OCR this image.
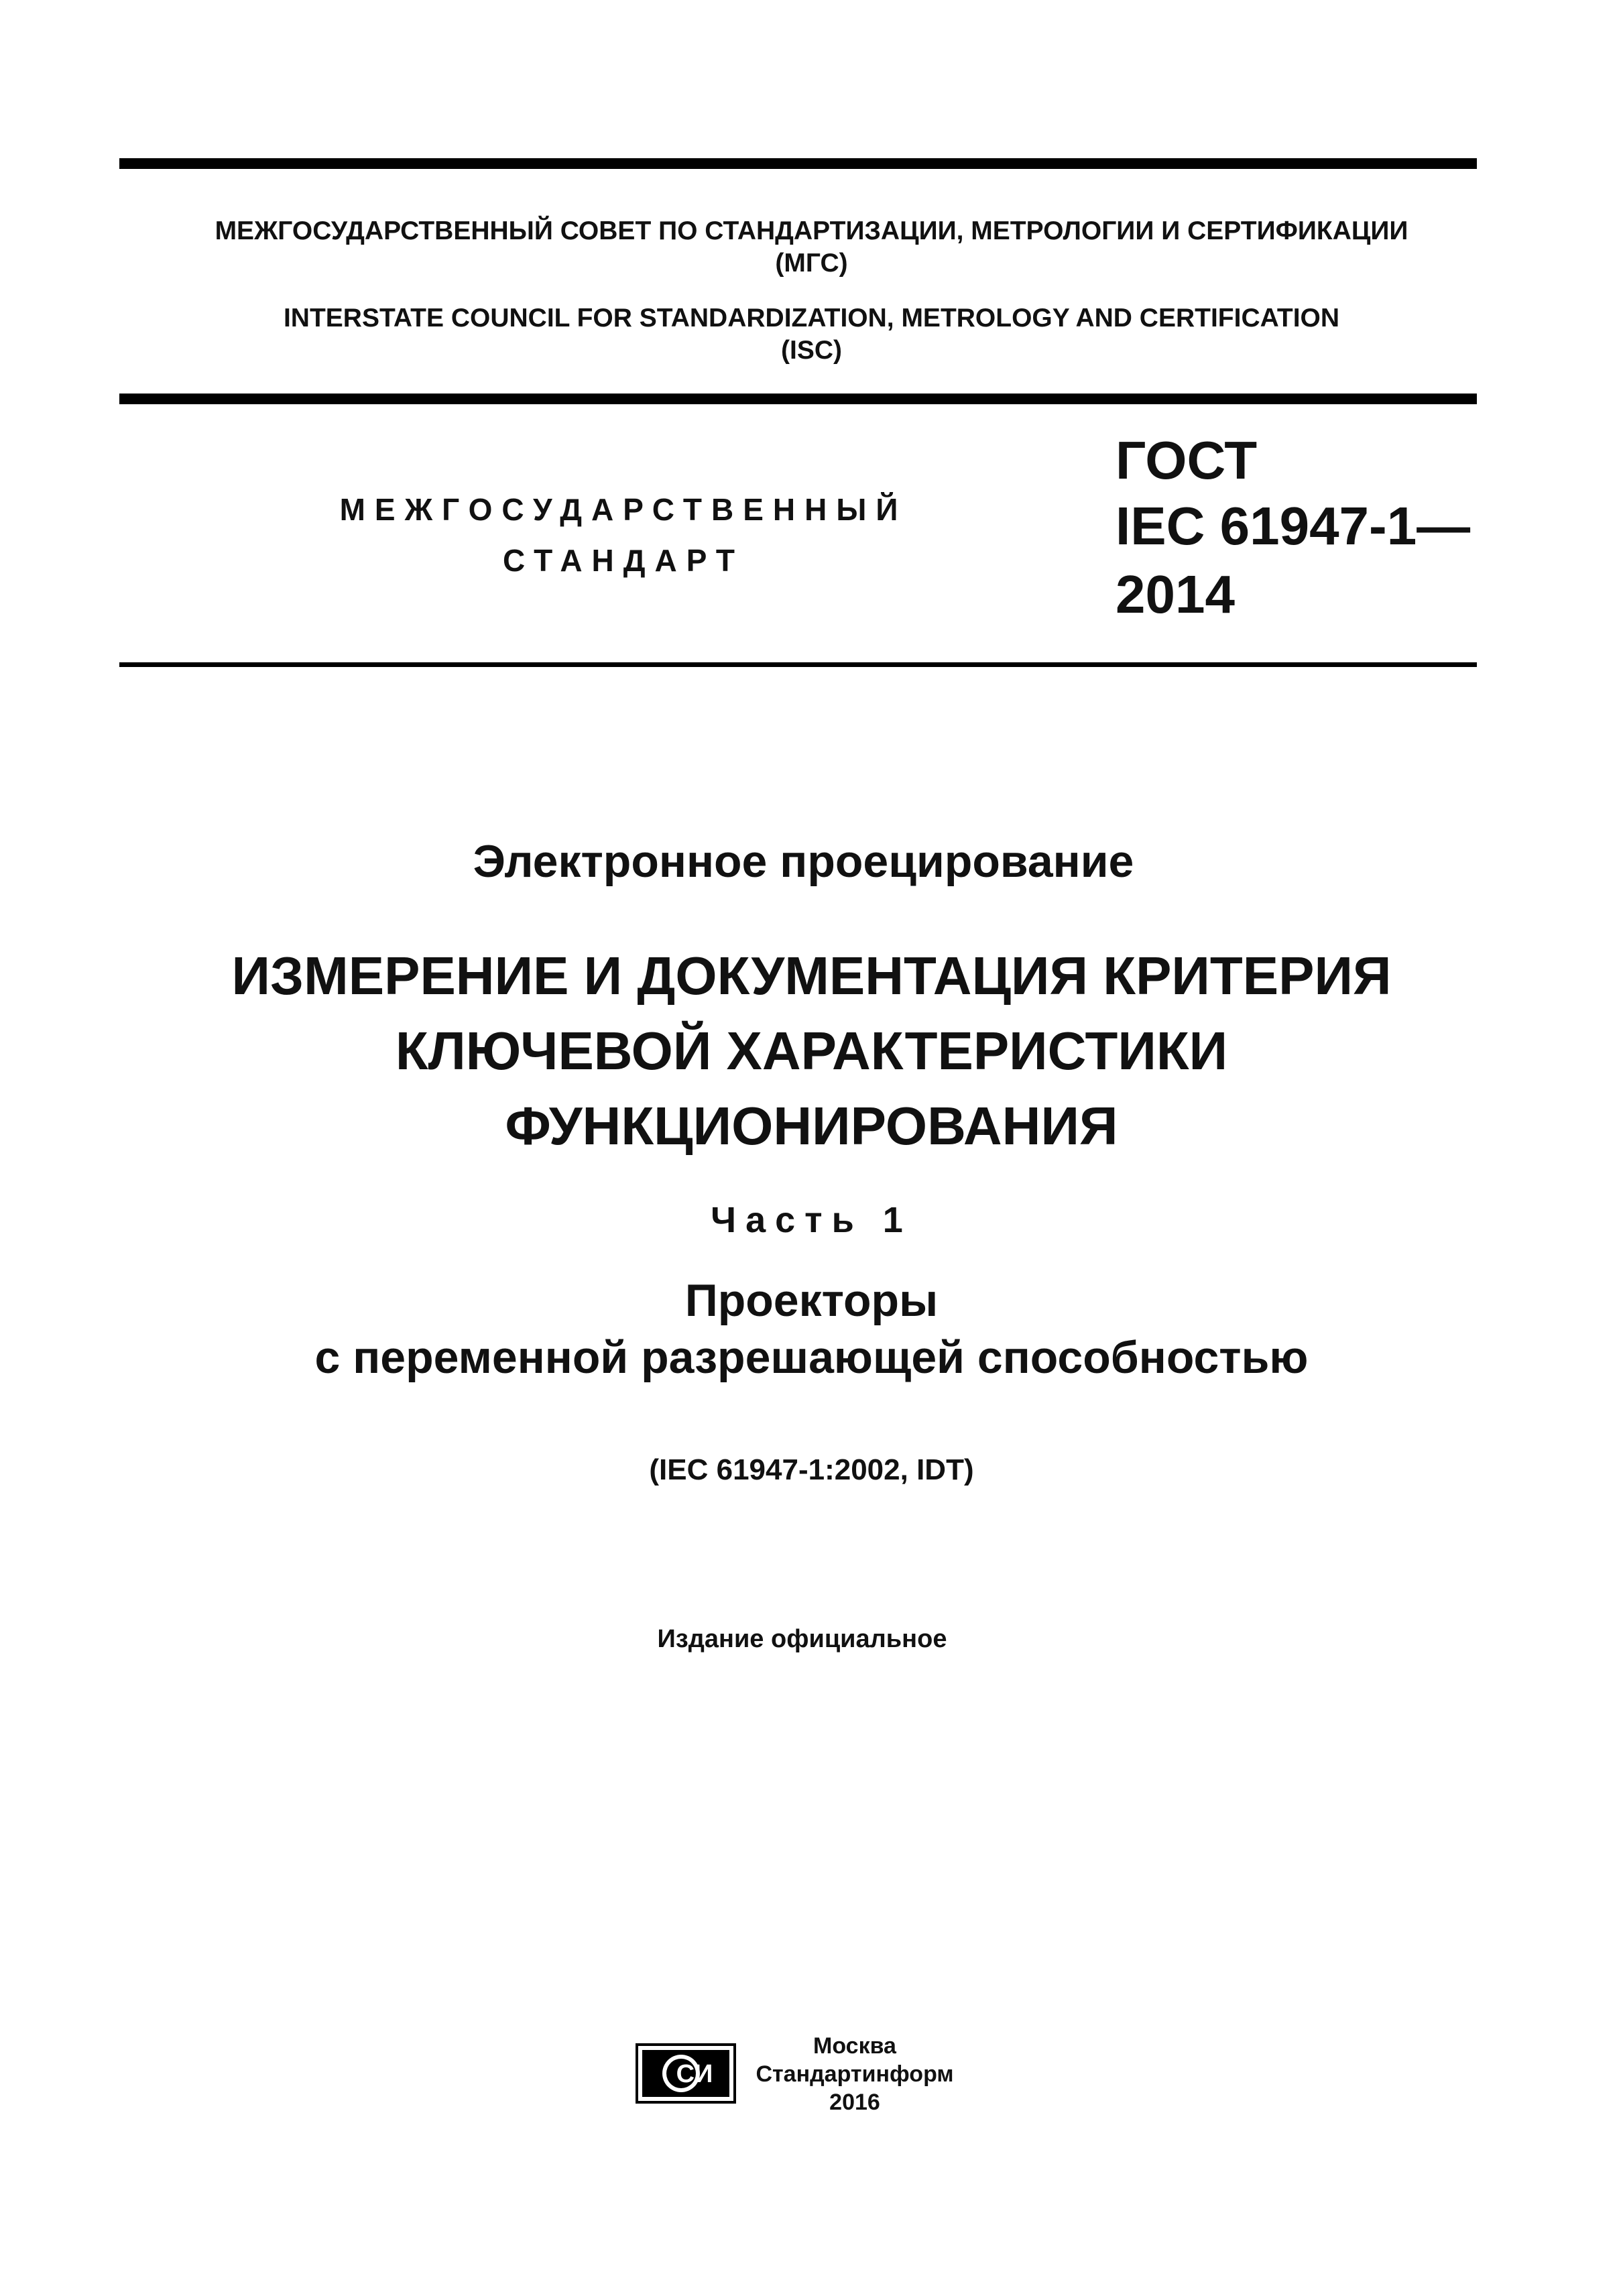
МЕЖГОСУДАРСТВЕННЫЙ СОВЕТ ПО СТАНДАРТИЗАЦИИ, МЕТРОЛОГИИ И СЕРТИФИКАЦИИ
(МГС)
INTERSTATE COUNCIL FOR STANDARDIZATION, METROLOGY AND CERTIFICATION
(ISC)
МЕЖГОСУДАРСТВЕННЫЙ
СТАНДАРТ
ГОСТ
IEC 61947-1—
2014
Электронное проецирование
ИЗМЕРЕНИЕ И ДОКУМЕНТАЦИЯ КРИТЕРИЯ
КЛЮЧЕВОЙ ХАРАКТЕРИСТИКИ
ФУНКЦИОНИРОВАНИЯ
Часть 1
Проекторы
с переменной разрешающей способностью
(IEC 61947-1:2002, IDT)
Издание официальное
СИ
Москва
Стандартинформ
2016
